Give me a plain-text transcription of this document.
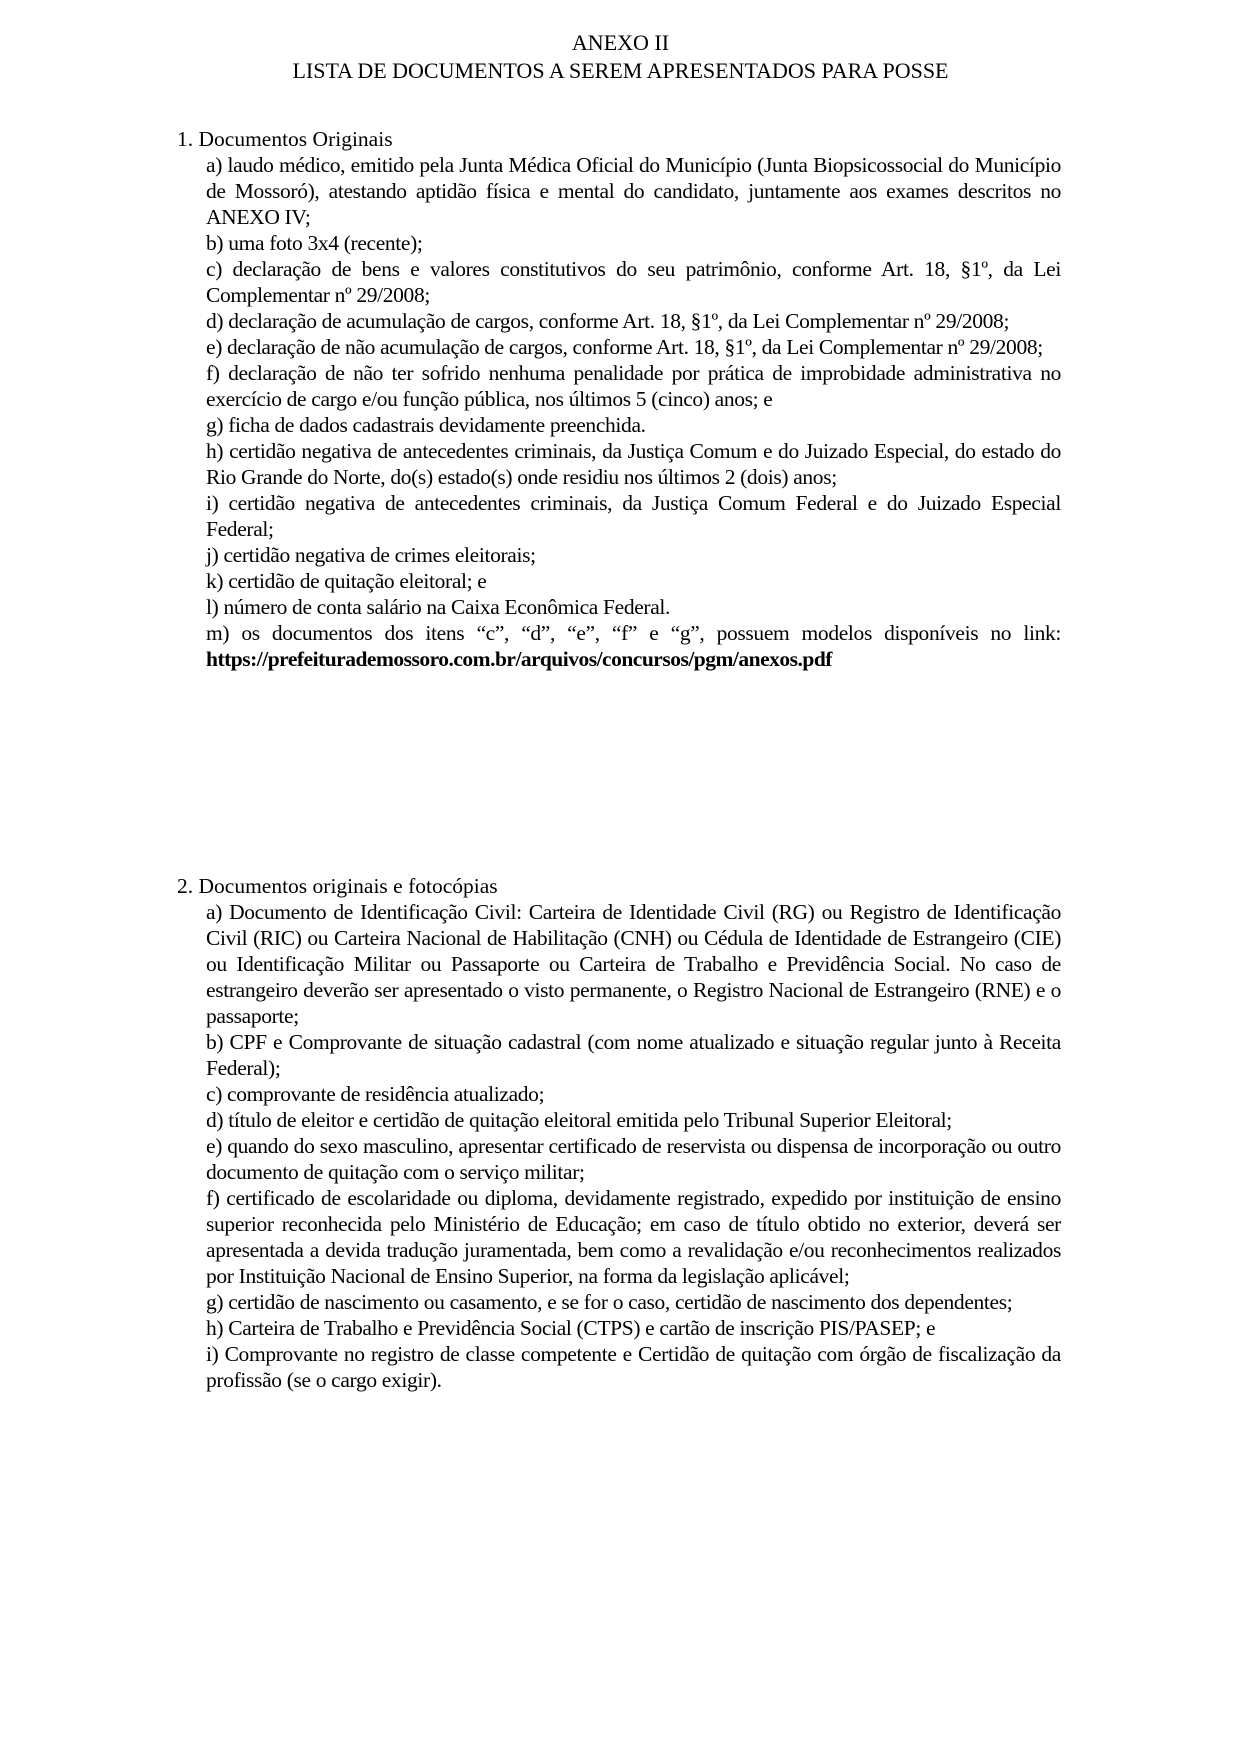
ANEXO II
LISTA DE DOCUMENTOS A SEREM APRESENTADOS PARA POSSE
1. Documentos Originais
a) laudo médico, emitido pela Junta Médica Oficial do Município (Junta Biopsicossocial do Município de Mossoró), atestando aptidão física e mental do candidato, juntamente aos exames descritos no ANEXO IV;
b) uma foto 3x4 (recente);
c) declaração de bens e valores constitutivos do seu patrimônio, conforme Art. 18, §1º, da Lei Complementar nº 29/2008;
d) declaração de acumulação de cargos, conforme Art. 18, §1º, da Lei Complementar nº 29/2008;
e) declaração de não acumulação de cargos, conforme Art. 18, §1º, da Lei Complementar nº 29/2008;
f) declaração de não ter sofrido nenhuma penalidade por prática de improbidade administrativa no exercício de cargo e/ou função pública, nos últimos 5 (cinco) anos; e
g) ficha de dados cadastrais devidamente preenchida.
h) certidão negativa de antecedentes criminais, da Justiça Comum e do Juizado Especial, do estado do Rio Grande do Norte, do(s) estado(s) onde residiu nos últimos 2 (dois) anos;
i) certidão negativa de antecedentes criminais, da Justiça Comum Federal e do Juizado Especial Federal;
j) certidão negativa de crimes eleitorais;
k) certidão de quitação eleitoral; e
l) número de conta salário na Caixa Econômica Federal.
m) os documentos dos itens “c”, “d”, “e”, “f” e “g”, possuem modelos disponíveis no link: https://prefeiturademossoro.com.br/arquivos/concursos/pgm/anexos.pdf
2. Documentos originais e fotocópias
a) Documento de Identificação Civil: Carteira de Identidade Civil (RG) ou Registro de Identificação Civil (RIC) ou Carteira Nacional de Habilitação (CNH) ou Cédula de Identidade de Estrangeiro (CIE) ou Identificação Militar ou Passaporte ou Carteira de Trabalho e Previdência Social. No caso de estrangeiro deverão ser apresentado o visto permanente, o Registro Nacional de Estrangeiro (RNE) e o passaporte;
b) CPF e Comprovante de situação cadastral (com nome atualizado e situação regular junto à Receita Federal);
c) comprovante de residência atualizado;
d) título de eleitor e certidão de quitação eleitoral emitida pelo Tribunal Superior Eleitoral;
e) quando do sexo masculino, apresentar certificado de reservista ou dispensa de incorporação ou outro documento de quitação com o serviço militar;
f) certificado de escolaridade ou diploma, devidamente registrado, expedido por instituição de ensino superior reconhecida pelo Ministério de Educação; em caso de título obtido no exterior, deverá ser apresentada a devida tradução juramentada, bem como a revalidação e/ou reconhecimentos realizados por Instituição Nacional de Ensino Superior, na forma da legislação aplicável;
g) certidão de nascimento ou casamento, e se for o caso, certidão de nascimento dos dependentes;
h) Carteira de Trabalho e Previdência Social (CTPS) e cartão de inscrição PIS/PASEP; e
i) Comprovante no registro de classe competente e Certidão de quitação com órgão de fiscalização da profissão (se o cargo exigir).
